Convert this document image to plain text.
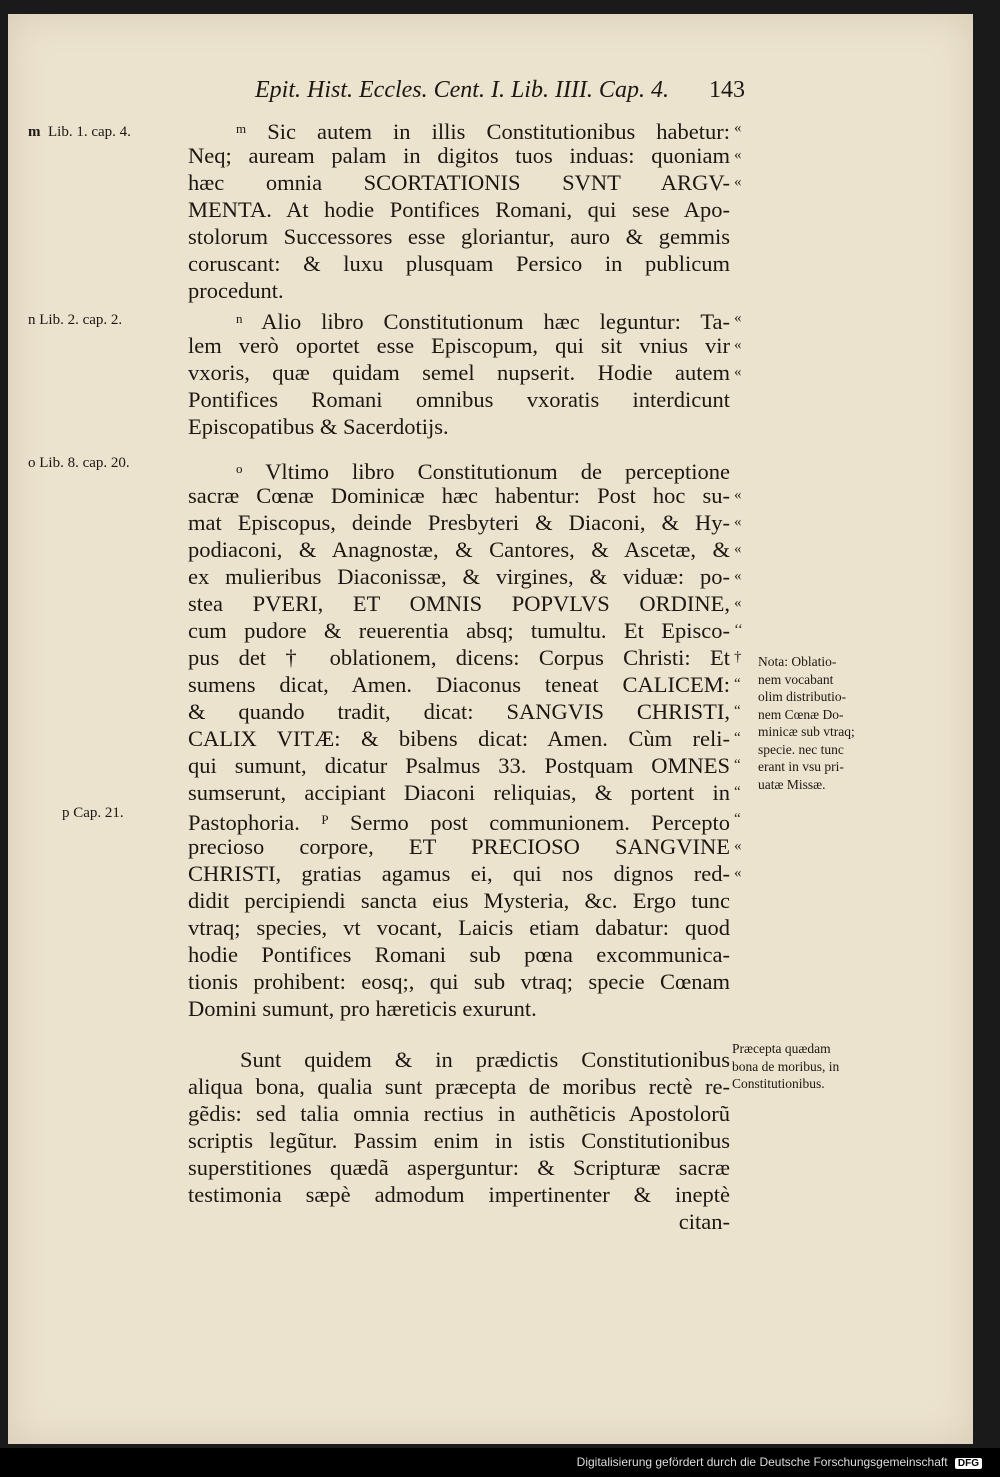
Epit. Hist. Eccles. Cent. I. Lib. IIII. Cap. 4. 143
m Lib. 1. cap. 4.
n Lib. 2. cap. 2.
o Lib. 8. cap. 20.
p Cap. 21.
$^m$ Sic autem in illis Constitutionibus habetur:
Neq; auream palam in digitos tuos induas: quoniam
hæc omnia SCORTATIONIS SVNT ARGV-
MENTA. At hodie Pontifices Romani, qui sese Apo-
stolorum Successores esse gloriantur, auro & gemmis
coruscant: & luxu plusquam Persico in publicum
procedunt.
$^n$ Alio libro Constitutionum hæc leguntur: Ta-
lem verò oportet esse Episcopum, qui sit vnius vir
vxoris, quæ quidam semel nupserit. Hodie autem
Pontifices Romani omnibus vxoratis interdicunt
Episcopatibus & Sacerdotijs.
$^o$ Vltimo libro Constitutionum de perceptione
sacræ Cœnæ Dominicæ hæc habentur: Post hoc su-
mat Episcopus, deinde Presbyteri & Diaconi, & Hy-
podiaconi, & Anagnostæ, & Cantores, & Ascetæ, &
ex mulieribus Diaconissæ, & virgines, & viduæ: po-
stea PVERI, ET OMNIS POPVLVS ORDINE,
cum pudore & reuerentia absq; tumultu. Et Episco-
pus det † oblationem, dicens: Corpus Christi: Et
sumens dicat, Amen. Diaconus teneat CALICEM:
& quando tradit, dicat: SANGVIS CHRISTI,
CALIX VITÆ: & bibens dicat: Amen. Cùm reli-
qui sumunt, dicatur Psalmus 33. Postquam OMNES
sumserunt, accipiant Diaconi reliquias, & portent in
Pastophoria. $^P$ Sermo post communionem. Percepto
precioso corpore, ET PRECIOSO SANGVINE
CHRISTI, gratias agamus ei, qui nos dignos red-
didit percipiendi sancta eius Mysteria, &c. Ergo tunc
vtraq; species, vt vocant, Laicis etiam dabatur: quod
hodie Pontifices Romani sub pœna excommunica-
tionis prohibent: eosq;, qui sub vtraq; specie Cœnam
Domini sumunt, pro hæreticis exurunt.
Sunt quidem & in prædictis Constitutionibus
aliqua bona, qualia sunt præcepta de moribus rectè re-
gẽdis: sed talia omnia rectius in authẽticis Apostolorũ
scriptis legũtur. Passim enim in istis Constitutionibus
superstitiones quædã asperguntur: & Scripturæ sacræ
testimonia sæpè admodum impertinenter & ineptè
citan-
«
«
«
«
«
«
«
«
«
«
«
‘‘
†
“
“
“
“
“
“
«
«
Nota: Oblatio-
nem vocabant
olim distributio-
nem Cœnæ Do-
minicæ sub vtraq;
specie. nec tunc
erant in vsu pri-
uatæ Missæ.
Præcepta quædam
bona de moribus, in
Constitutionibus.
Digitalisierung gefördert durch die Deutsche Forschungsgemeinschaft DFG
